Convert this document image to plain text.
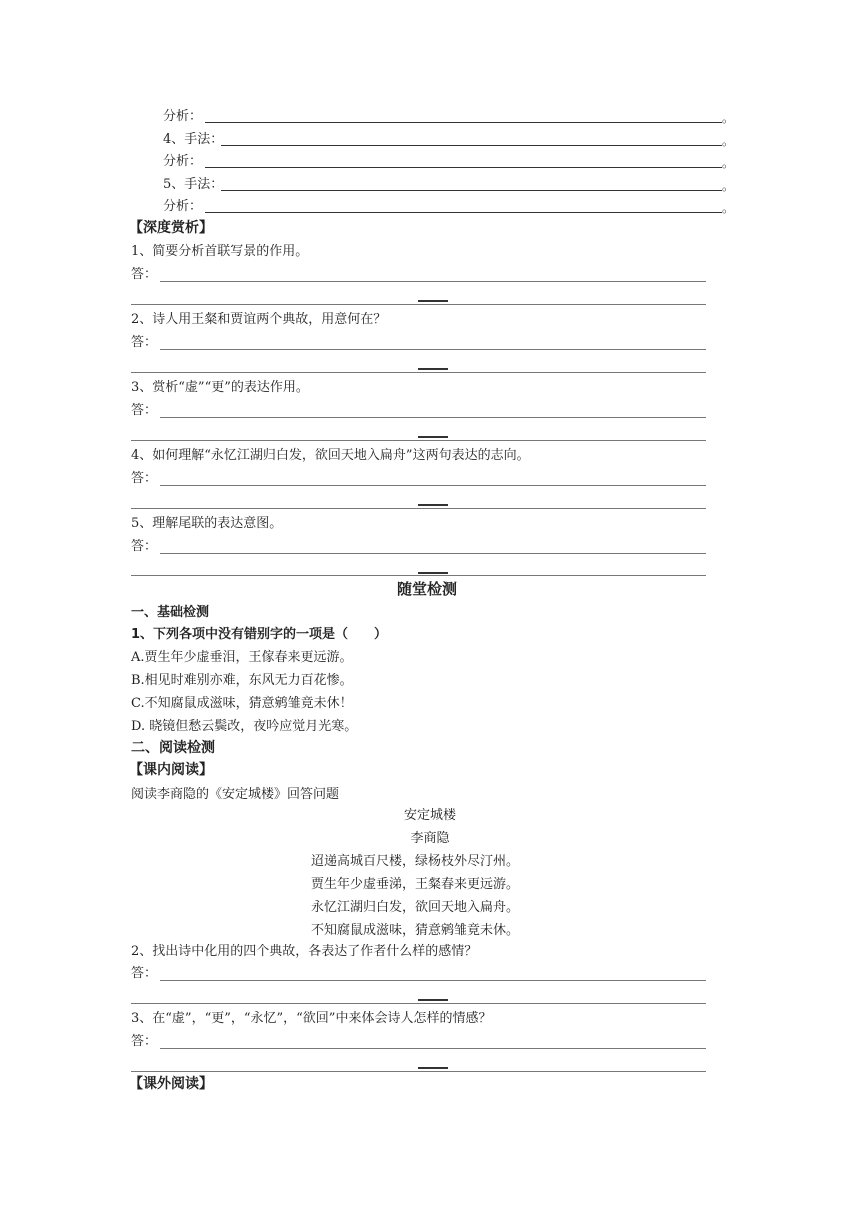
分析：	。
4、手法：	。
分析：	。
5、手法：	。
分析：	。
【深度赏析】
1、简要分析首联写景的作用。
答：
2、诗人用王粲和贾谊两个典故，用意何在？
答：
3、赏析“虚”“更”的表达作用。
答：
4、如何理解“永忆江湖归白发，欲回天地入扁舟”这两句表达的志向。
答：
5、理解尾联的表达意图。
答：
随堂检测
一、基础检测
1、下列各项中没有错别字的一项是（　　）
A.贾生年少虚垂泪，王傢春来更远游。
B.相见时难别亦难，东风无力百花惨。
C.不知腐鼠成滋味，猜意鹓雏竟未休！
D. 晓镜但愁云鬓改，夜吟应觉月光寒。
二、阅读检测
【课内阅读】
阅读李商隐的《安定城楼》回答问题
安定城楼
李商隐
迢递高城百尺楼，绿杨枝外尽汀州。
贾生年少虚垂涕，王粲春来更远游。
永忆江湖归白发，欲回天地入扁舟。
不知腐鼠成滋味，猜意鹓雏竟未休。
2、找出诗中化用的四个典故，各表达了作者什么样的感情？
答：
3、在“虚”，“更”，“永忆”，“欲回”中来体会诗人怎样的情感？
答：
【课外阅读】
